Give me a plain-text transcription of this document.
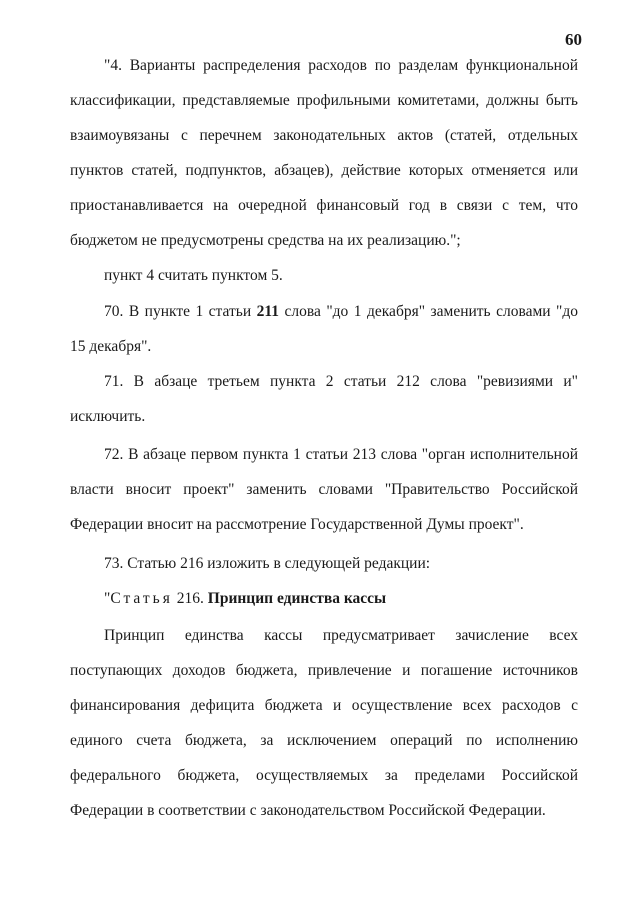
60

"4. Варианты распределения расходов по разделам функциональной классификации, представляемые профильными комитетами, должны быть взаимоувязаны с перечнем законодательных актов (статей, отдельных пунктов статей, подпунктов, абзацев), действие которых отменяется или приостанавливается на очередной финансовый год в связи с тем, что бюджетом не предусмотрены средства на их реализацию.";

пункт 4 считать пунктом 5.

70. В пункте 1 статьи 211 слова "до 1 декабря" заменить словами "до 15 декабря".

71. В абзаце третьем пункта 2 статьи 212 слова "ревизиями и" исключить.

72. В абзаце первом пункта 1 статьи 213 слова "орган исполнительной власти вносит проект" заменить словами "Правительство Российской Федерации вносит на рассмотрение Государственной Думы проект".

73. Статью 216 изложить в следующей редакции:

"Статья 216. Принцип единства кассы

Принцип единства кассы предусматривает зачисление всех поступающих доходов бюджета, привлечение и погашение источников финансирования дефицита бюджета и осуществление всех расходов с единого счета бюджета, за исключением операций по исполнению федерального бюджета, осуществляемых за пределами Российской Федерации в соответствии с законодательством Российской Федерации.
